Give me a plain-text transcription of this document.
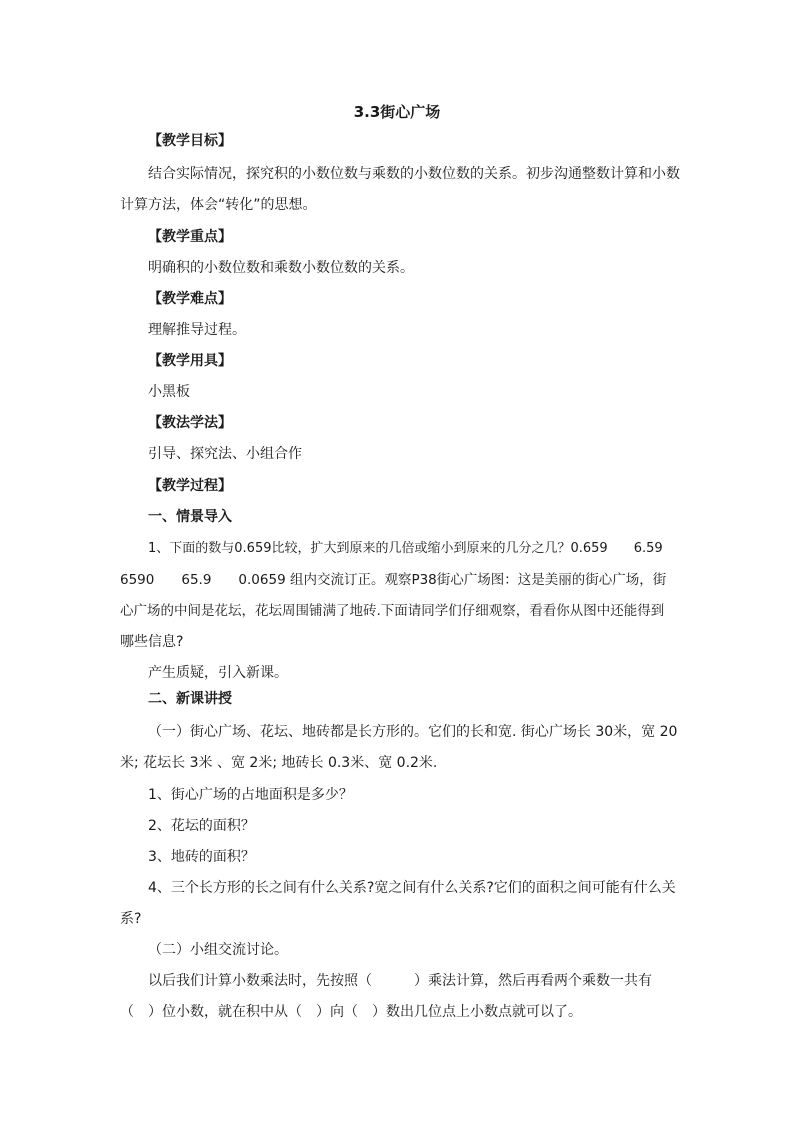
3.3街心广场
【教学目标】
结合实际情况，探究积的小数位数与乘数的小数位数的关系。初步沟通整数计算和小数
计算方法，体会“转化”的思想。
【教学重点】
明确积的小数位数和乘数小数位数的关系。
【教学难点】
理解推导过程。
【教学用具】
小黑板
【教法学法】
引导、探究法、小组合作
【教学过程】
一、情景导入
1、下面的数与0.659比较，扩大到原来的几倍或缩小到原来的几分之几？0.659　　6.59
6590　　65.9　　0.0659 组内交流订正。观察P38街心广场图：这是美丽的街心广场，街
心广场的中间是花坛，花坛周围铺满了地砖.下面请同学们仔细观察，看看你从图中还能得到
哪些信息?
产生质疑，引入新课。
二、新课讲授
（一）街心广场、花坛、地砖都是长方形的。它们的长和宽. 街心广场长 30米，宽 20
米; 花坛长 3米 、宽 2米; 地砖长 0.3米、宽 0.2米.
1、街心广场的占地面积是多少？
2、花坛的面积？
3、地砖的面积？
4、三个长方形的长之间有什么关系?宽之间有什么关系?它们的面积之间可能有什么关
系?
（二）小组交流讨论。
以后我们计算小数乘法时，先按照（　　　）乘法计算，然后再看两个乘数一共有
（　）位小数，就在积中从（　）向（　）数出几位点上小数点就可以了。
